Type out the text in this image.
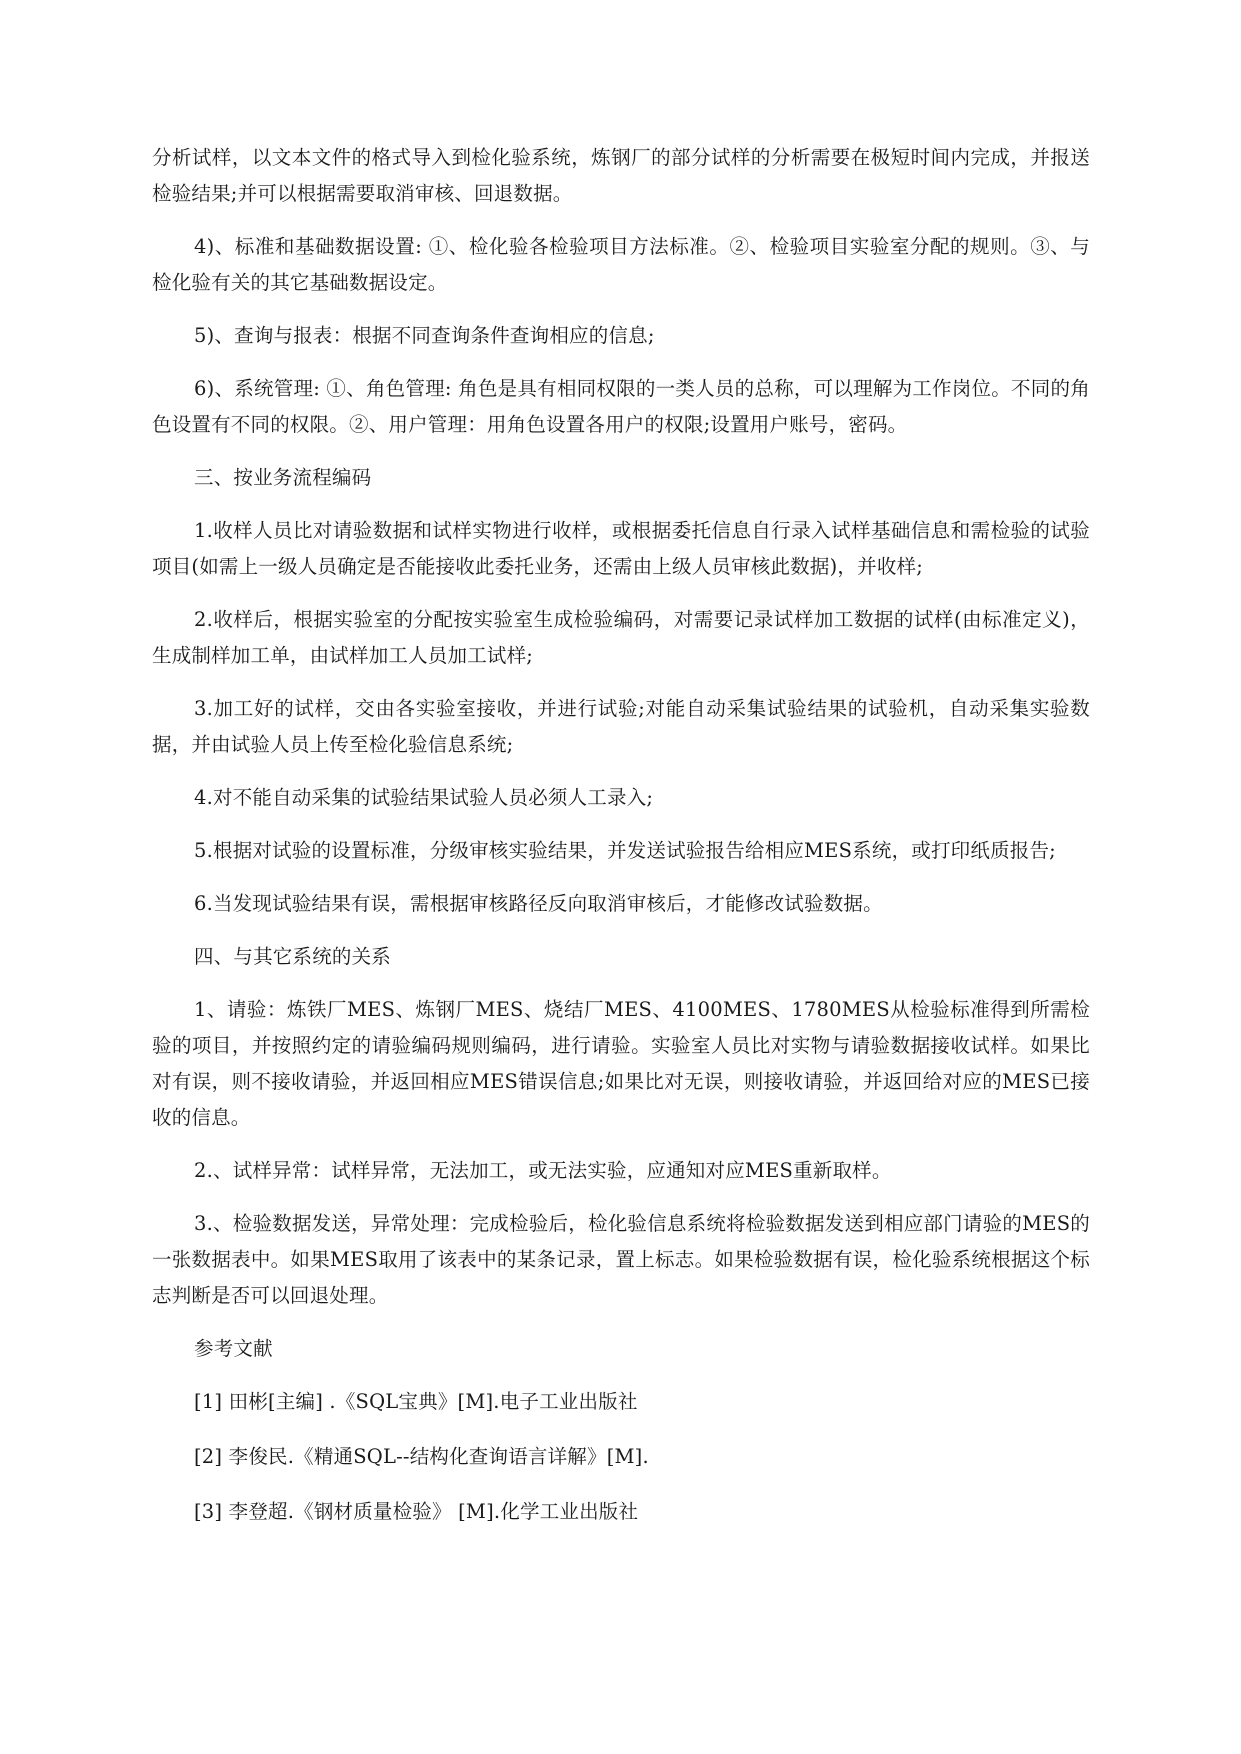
分析试样，以文本文件的格式导入到检化验系统，炼钢厂的部分试样的分析需要在极短时间内完成，并报送检验结果;并可以根据需要取消审核、回退数据。

4)、标准和基础数据设置: ①、检化验各检验项目方法标准。②、检验项目实验室分配的规则。③、与检化验有关的其它基础数据设定。

5)、查询与报表：根据不同查询条件查询相应的信息;

6)、系统管理: ①、角色管理: 角色是具有相同权限的一类人员的总称，可以理解为工作岗位。不同的角色设置有不同的权限。②、用户管理：用角色设置各用户的权限;设置用户账号，密码。

三、按业务流程编码

1.收样人员比对请验数据和试样实物进行收样，或根据委托信息自行录入试样基础信息和需检验的试验项目(如需上一级人员确定是否能接收此委托业务，还需由上级人员审核此数据)，并收样;

2.收样后，根据实验室的分配按实验室生成检验编码，对需要记录试样加工数据的试样(由标准定义)，生成制样加工单，由试样加工人员加工试样;

3.加工好的试样，交由各实验室接收，并进行试验;对能自动采集试验结果的试验机，自动采集实验数据，并由试验人员上传至检化验信息系统;

4.对不能自动采集的试验结果试验人员必须人工录入;

5.根据对试验的设置标准，分级审核实验结果，并发送试验报告给相应MES系统，或打印纸质报告;

6.当发现试验结果有误，需根据审核路径反向取消审核后，才能修改试验数据。

四、与其它系统的关系

1、请验：炼铁厂MES、炼钢厂MES、烧结厂MES、4100MES、1780MES从检验标准得到所需检验的项目，并按照约定的请验编码规则编码，进行请验。实验室人员比对实物与请验数据接收试样。如果比对有误，则不接收请验，并返回相应MES错误信息;如果比对无误，则接收请验，并返回给对应的MES已接收的信息。

2.、试样异常：试样异常，无法加工，或无法实验，应通知对应MES重新取样。

3.、检验数据发送，异常处理：完成检验后，检化验信息系统将检验数据发送到相应部门请验的MES的一张数据表中。如果MES取用了该表中的某条记录，置上标志。如果检验数据有误，检化验系统根据这个标志判断是否可以回退处理。

参考文献

[1] 田彬[主编] .《SQL宝典》[M].电子工业出版社

[2] 李俊民.《精通SQL--结构化查询语言详解》[M].

[3] 李登超.《钢材质量检验》 [M].化学工业出版社
